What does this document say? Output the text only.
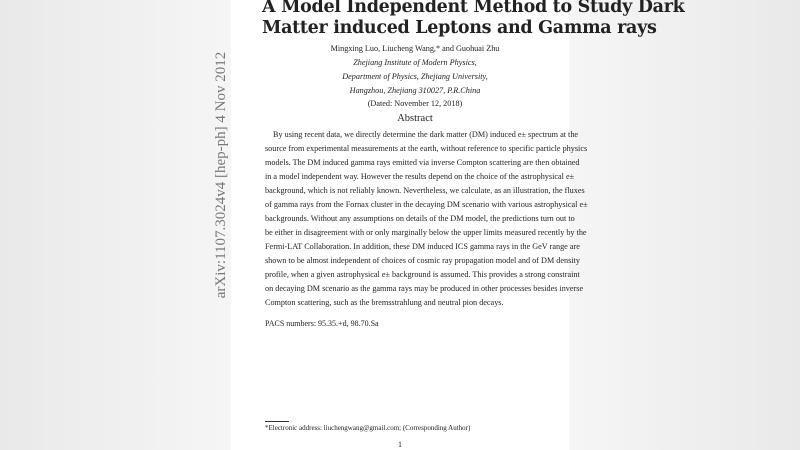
arXiv:1107.3024v4 [hep-ph] 4 Nov 2012
A Model Independent Method to Study Dark
Matter induced Leptons and Gamma rays
Mingxing Luo, Liucheng Wang,* and Guohuai Zhu
Zhejiang Institute of Modern Physics,
Department of Physics, Zhejiang University,
Hangzhou, Zhejiang 310027, P.R.China
(Dated: November 12, 2018)
Abstract
By using recent data, we directly determine the dark matter (DM) induced e± spectrum at the
source from experimental measurements at the earth, without reference to specific particle physics
models. The DM induced gamma rays emitted via inverse Compton scattering are then obtained
in a model independent way. However the results depend on the choice of the astrophysical e±
background, which is not reliably known. Nevertheless, we calculate, as an illustration, the fluxes
of gamma rays from the Fornax cluster in the decaying DM scenario with various astrophysical e±
backgrounds. Without any assumptions on details of the DM model, the predictions turn out to
be either in disagreement with or only marginally below the upper limits measured recently by the
Fermi-LAT Collaboration. In addition, these DM induced ICS gamma rays in the GeV range are
shown to be almost independent of choices of cosmic ray propagation model and of DM density
profile, when a given astrophysical e± background is assumed. This provides a strong constraint
on decaying DM scenario as the gamma rays may be produced in other processes besides inverse
Compton scattering, such as the bremsstrahlung and neutral pion decays.
PACS numbers: 95.35.+d, 98.70.Sa
*Electronic address: liuchengwang@gmail.com; (Corresponding Author)
1
